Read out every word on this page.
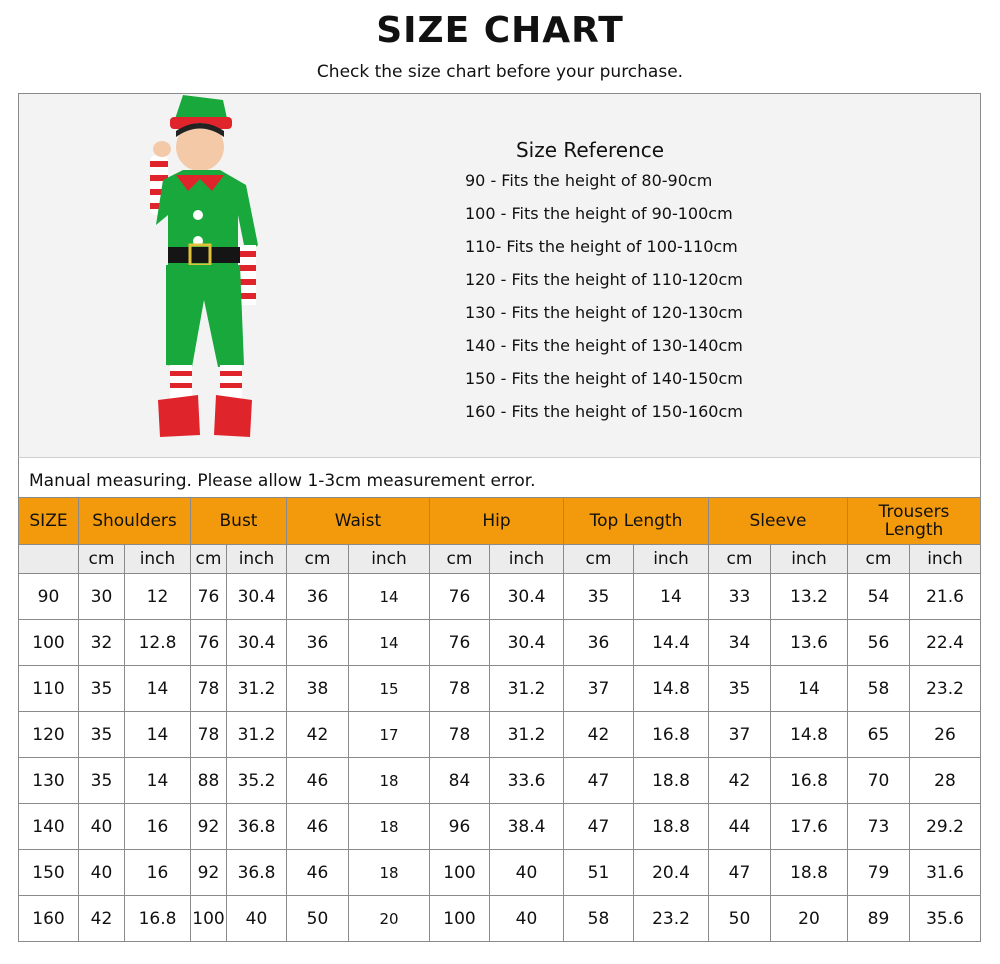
SIZE CHART
Check the size chart before your purchase.
Size Reference
90 - Fits the height of 80-90cm
100 - Fits the height of 90-100cm
110- Fits the height of 100-110cm
120 - Fits the height of 110-120cm
130 - Fits the height of 120-130cm
140 - Fits the height of 130-140cm
150 - Fits the height of 140-150cm
160 - Fits the height of 150-160cm
Manual measuring. Please allow 1-3cm measurement error.
SIZE	Shoulders		Bust		Waist		Hip		Top Length		Sleeve		Trousers
Length	
	cm	inch	cm	inch	cm	inch	cm	inch	cm	inch	cm	inch	cm	inch
90	30	12	76	30.4	36	14	76	30.4	35	14	33	13.2	54	21.6
100	32	12.8	76	30.4	36	14	76	30.4	36	14.4	34	13.6	56	22.4
110	35	14	78	31.2	38	15	78	31.2	37	14.8	35	14	58	23.2
120	35	14	78	31.2	42	17	78	31.2	42	16.8	37	14.8	65	26
130	35	14	88	35.2	46	18	84	33.6	47	18.8	42	16.8	70	28
140	40	16	92	36.8	46	18	96	38.4	47	18.8	44	17.6	73	29.2
150	40	16	92	36.8	46	18	100	40	51	20.4	47	18.8	79	31.6
160	42	16.8	100	40	50	20	100	40	58	23.2	50	20	89	35.6
